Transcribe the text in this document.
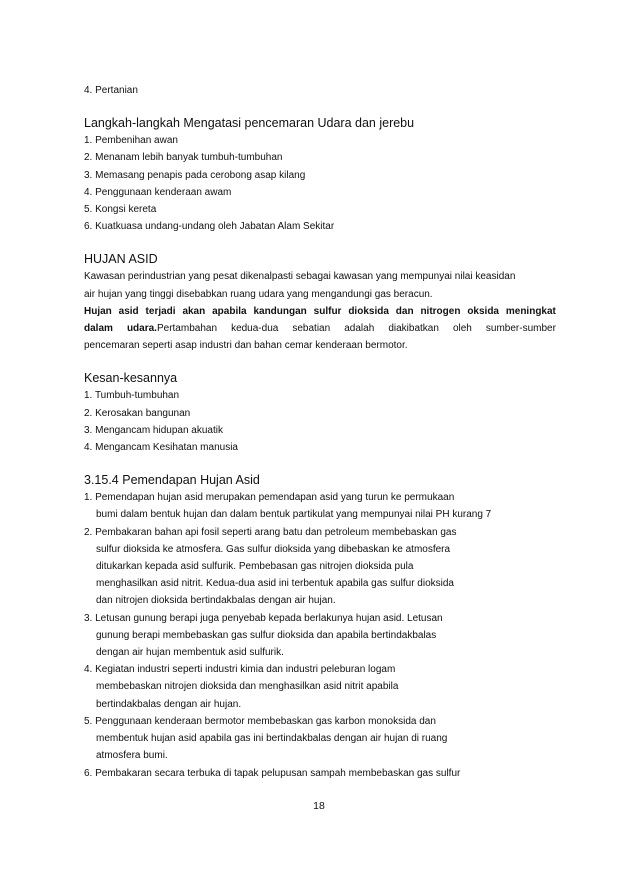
4. Pertanian
Langkah-langkah Mengatasi pencemaran Udara dan jerebu
1. Pembenihan awan
2. Menanam lebih banyak tumbuh-tumbuhan
3. Memasang penapis pada cerobong asap kilang
4. Penggunaan kenderaan awam
5. Kongsi kereta
6. Kuatkuasa undang-undang oleh Jabatan Alam Sekitar
HUJAN ASID
Kawasan perindustrian yang pesat dikenalpasti sebagai kawasan yang mempunyai nilai keasidan
air hujan yang tinggi disebabkan ruang udara yang mengandungi gas beracun.
Hujan asid terjadi akan apabila kandungan sulfur dioksida dan nitrogen oksida meningkat
dalam udara.Pertambahan kedua-dua sebatian adalah diakibatkan oleh sumber-sumber
pencemaran seperti asap industri dan bahan cemar kenderaan bermotor.
Kesan-kesannya
1. Tumbuh-tumbuhan
2. Kerosakan bangunan
3. Mengancam hidupan akuatik
4. Mengancam Kesihatan manusia
3.15.4 Pemendapan Hujan Asid
1. Pemendapan hujan asid merupakan pemendapan asid yang turun ke permukaan
bumi dalam bentuk hujan dan dalam bentuk partikulat yang mempunyai nilai PH kurang 7
2. Pembakaran bahan api fosil seperti arang batu dan petroleum membebaskan gas
sulfur dioksida ke atmosfera. Gas sulfur dioksida yang dibebaskan ke atmosfera
ditukarkan kepada asid sulfurik. Pembebasan gas nitrojen dioksida pula
menghasilkan asid nitrit. Kedua-dua asid ini terbentuk apabila gas sulfur dioksida
dan nitrojen dioksida bertindakbalas dengan air hujan.
3. Letusan gunung berapi juga penyebab kepada berlakunya hujan asid. Letusan
gunung berapi membebaskan gas sulfur dioksida dan apabila bertindakbalas
dengan air hujan membentuk asid sulfurik.
4. Kegiatan industri seperti industri kimia dan industri peleburan logam
membebaskan nitrojen dioksida dan menghasilkan asid nitrit apabila
bertindakbalas dengan air hujan.
5. Penggunaan kenderaan bermotor membebaskan gas karbon monoksida dan
membentuk hujan asid apabila gas ini bertindakbalas dengan air hujan di ruang
atmosfera bumi.
6. Pembakaran secara terbuka di tapak pelupusan sampah membebaskan gas sulfur
18
